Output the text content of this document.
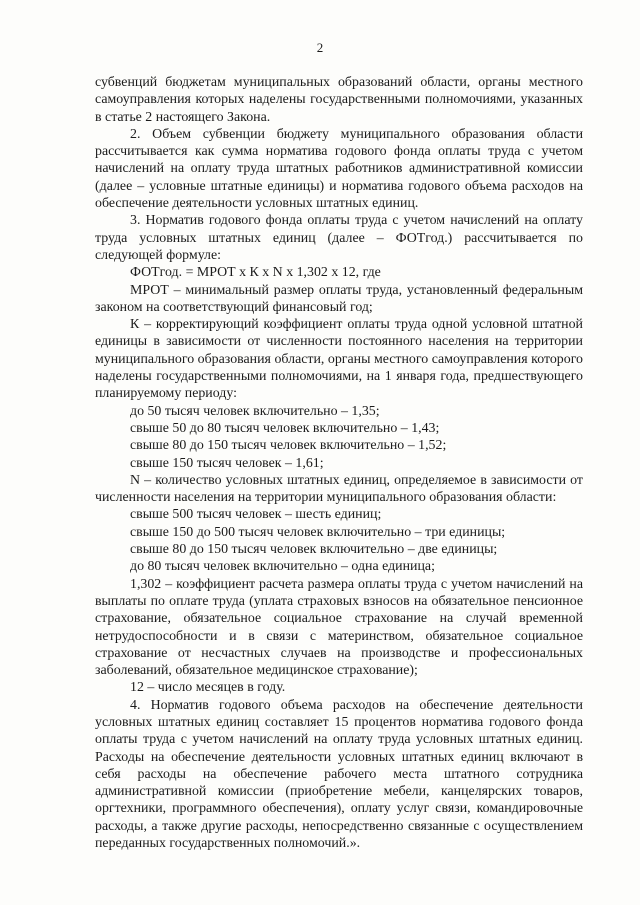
2

субвенций бюджетам муниципальных образований области, органы местного самоуправления которых наделены государственными полномочиями, указанных в статье 2 настоящего Закона.

2. Объем субвенции бюджету муниципального образования области рассчитывается как сумма норматива годового фонда оплаты труда с учетом начислений на оплату труда штатных работников административной комиссии (далее – условные штатные единицы) и норматива годового объема расходов на обеспечение деятельности условных штатных единиц.

3. Норматив годового фонда оплаты труда с учетом начислений на оплату труда условных штатных единиц (далее – ФОТгод.) рассчитывается по следующей формуле:

ФОТгод. = МРОТ х К х N х 1,302 х 12, где

МРОТ – минимальный размер оплаты труда, установленный федеральным законом на соответствующий финансовый год;

К – корректирующий коэффициент оплаты труда одной условной штатной единицы в зависимости от численности постоянного населения на территории муниципального образования области, органы местного самоуправления которого наделены государственными полномочиями, на 1 января года, предшествующего планируемому периоду:

до 50 тысяч человек включительно – 1,35;

свыше 50 до 80 тысяч человек включительно – 1,43;

свыше 80 до 150 тысяч человек включительно – 1,52;

свыше 150 тысяч человек – 1,61;

N – количество условных штатных единиц, определяемое в зависимости от численности населения на территории муниципального образования области:

свыше 500 тысяч человек – шесть единиц;

свыше 150 до 500 тысяч человек включительно – три единицы;

свыше 80 до 150 тысяч человек включительно – две единицы;

до 80 тысяч человек включительно – одна единица;

1,302 – коэффициент расчета размера оплаты труда с учетом начислений на выплаты по оплате труда (уплата страховых взносов на обязательное пенсионное страхование, обязательное социальное страхование на случай временной нетрудоспособности и в связи с материнством, обязательное социальное страхование от несчастных случаев на производстве и профессиональных заболеваний, обязательное медицинское страхование);

12 – число месяцев в году.

4. Норматив годового объема расходов на обеспечение деятельности условных штатных единиц составляет 15 процентов норматива годового фонда оплаты труда с учетом начислений на оплату труда условных штатных единиц. Расходы на обеспечение деятельности условных штатных единиц включают в себя расходы на обеспечение рабочего места штатного сотрудника административной комиссии (приобретение мебели, канцелярских товаров, оргтехники, программного обеспечения), оплату услуг связи, командировочные расходы, а также другие расходы, непосредственно связанные с осуществлением переданных государственных полномочий.».
